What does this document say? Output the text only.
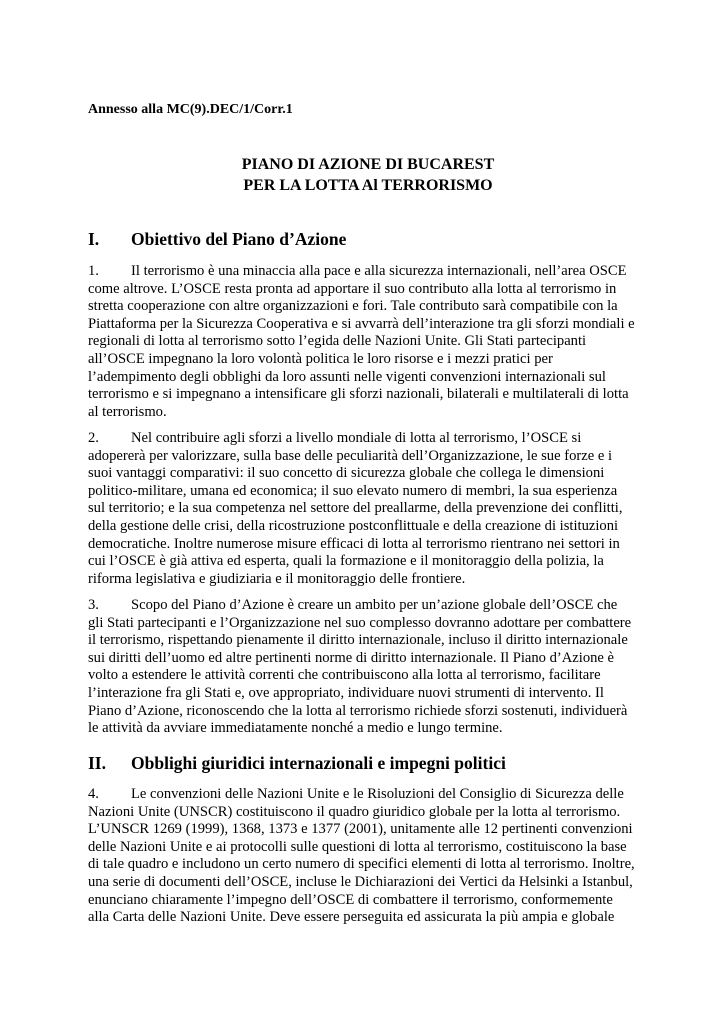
Annesso alla MC(9).DEC/1/Corr.1
PIANO DI AZIONE DI BUCAREST
PER LA LOTTA Al TERRORISMO
I. Obiettivo del Piano d’Azione
1. Il terrorismo è una minaccia alla pace e alla sicurezza internazionali, nell’area OSCE
come altrove. L’OSCE resta pronta ad apportare il suo contributo alla lotta al terrorismo in
stretta cooperazione con altre organizzazioni e fori. Tale contributo sarà compatibile con la
Piattaforma per la Sicurezza Cooperativa e si avvarrà dell’interazione tra gli sforzi mondiali e
regionali di lotta al terrorismo sotto l’egida delle Nazioni Unite. Gli Stati partecipanti
all’OSCE impegnano la loro volontà politica le loro risorse e i mezzi pratici per
l’adempimento degli obblighi da loro assunti nelle vigenti convenzioni internazionali sul
terrorismo e si impegnano a intensificare gli sforzi nazionali, bilaterali e multilaterali di lotta
al terrorismo.
2. Nel contribuire agli sforzi a livello mondiale di lotta al terrorismo, l’OSCE si
adopererà per valorizzare, sulla base delle peculiarità dell’Organizzazione, le sue forze e i
suoi vantaggi comparativi: il suo concetto di sicurezza globale che collega le dimensioni
politico-militare, umana ed economica; il suo elevato numero di membri, la sua esperienza
sul territorio; e la sua competenza nel settore del preallarme, della prevenzione dei conflitti,
della gestione delle crisi, della ricostruzione postconflittuale e della creazione di istituzioni
democratiche. Inoltre numerose misure efficaci di lotta al terrorismo rientrano nei settori in
cui l’OSCE è già attiva ed esperta, quali la formazione e il monitoraggio della polizia, la
riforma legislativa e giudiziaria e il monitoraggio delle frontiere.
3. Scopo del Piano d’Azione è creare un ambito per un’azione globale dell’OSCE che
gli Stati partecipanti e l’Organizzazione nel suo complesso dovranno adottare per combattere
il terrorismo, rispettando pienamente il diritto internazionale, incluso il diritto internazionale
sui diritti dell’uomo ed altre pertinenti norme di diritto internazionale. Il Piano d’Azione è
volto a estendere le attività correnti che contribuiscono alla lotta al terrorismo, facilitare
l’interazione fra gli Stati e, ove appropriato, individuare nuovi strumenti di intervento. Il
Piano d’Azione, riconoscendo che la lotta al terrorismo richiede sforzi sostenuti, individuerà
le attività da avviare immediatamente nonché a medio e lungo termine.
II. Obblighi giuridici internazionali e impegni politici
4. Le convenzioni delle Nazioni Unite e le Risoluzioni del Consiglio di Sicurezza delle
Nazioni Unite (UNSCR) costituiscono il quadro giuridico globale per la lotta al terrorismo.
L’UNSCR 1269 (1999), 1368, 1373 e 1377 (2001), unitamente alle 12 pertinenti convenzioni
delle Nazioni Unite e ai protocolli sulle questioni di lotta al terrorismo, costituiscono la base
di tale quadro e includono un certo numero di specifici elementi di lotta al terrorismo. Inoltre,
una serie di documenti dell’OSCE, incluse le Dichiarazioni dei Vertici da Helsinki a Istanbul,
enunciano chiaramente l’impegno dell’OSCE di combattere il terrorismo, conformemente
alla Carta delle Nazioni Unite. Deve essere perseguita ed assicurata la più ampia e globale
